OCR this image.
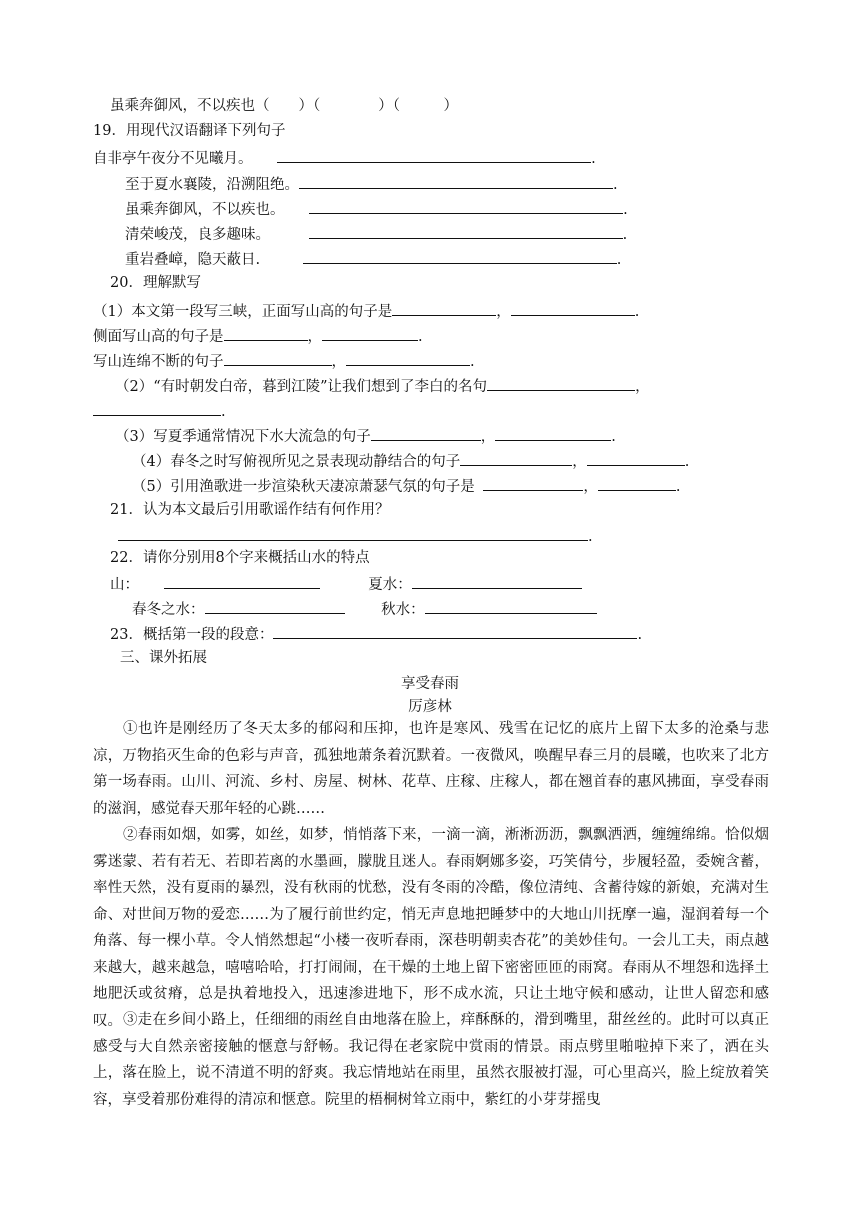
虽乘奔御风，不以疾也（　　）（　　　　）（　　　）
19．用现代汉语翻译下列句子
自非亭午夜分不见曦月。	.
至于夏水襄陵，沿溯阻绝。	.
虽乘奔御风，不以疾也。	.
清荣峻茂，良多趣味。	.
重岩叠嶂，隐天蔽日.	.
20．理解默写
（1）本文第一段写三峡，正面写山高的句子是	，	.
侧面写山高的句子是	，	.
写山连绵不断的句子	，	.
（2）“有时朝发白帝，暮到江陵”让我们想到了李白的名句	，
.
（3）写夏季通常情况下水大流急的句子	，	.
（4）春冬之时写俯视所见之景表现动静结合的句子	，	.
（5）引用渔歌进一步渲染秋天凄凉萧瑟气氛的句子是	，	.
21．认为本文最后引用歌谣作结有何作用？
.
22．请你分别用8个字来概括山水的特点
山：	夏水：
春冬之水：	秋水：
23．概括第一段的段意：	.
三、课外拓展
享受春雨
厉彦林
①也许是刚经历了冬天太多的郁闷和压抑，也许是寒风、残雪在记忆的底片上留下太多的沧桑与悲凉，万物掐灭生命的色彩与声音，孤独地萧条着沉默着。一夜微风，唤醒早春三月的晨曦，也吹来了北方第一场春雨。山川、河流、乡村、房屋、树林、花草、庄稼、庄稼人，都在翘首春的惠风拂面，享受春雨的滋润，感觉春天那年轻的心跳……
②春雨如烟，如雾，如丝，如梦，悄悄落下来，一滴一滴，淅淅沥沥，飘飘洒洒，缠缠绵绵。恰似烟雾迷蒙、若有若无、若即若离的水墨画，朦胧且迷人。春雨婀娜多姿，巧笑倩兮，步履轻盈，委婉含蓄，率性天然，没有夏雨的暴烈，没有秋雨的忧愁，没有冬雨的冷酷，像位清纯、含蓄待嫁的新娘，充满对生命、对世间万物的爱恋……为了履行前世约定，悄无声息地把睡梦中的大地山川抚摩一遍，湿润着每一个角落、每一棵小草。令人悄然想起“小楼一夜听春雨，深巷明朝卖杏花”的美妙佳句。一会儿工夫，雨点越来越大，越来越急，嘻嘻哈哈，打打闹闹，在干燥的土地上留下密密匝匝的雨窝。春雨从不埋怨和选择土地肥沃或贫瘠，总是执着地投入，迅速渗进地下，形不成水流，只让土地守候和感动，让世人留恋和感叹。 ③走在乡间小路上，任细细的雨丝自由地落在脸上，痒酥酥的，滑到嘴里，甜丝丝的。此时可以真正感受与大自然亲密接触的惬意与舒畅。我记得在老家院中赏雨的情景。雨点劈里啪啦掉下来了，洒在头上，落在脸上，说不清道不明的舒爽。我忘情地站在雨里，虽然衣服被打湿，可心里高兴，脸上绽放着笑容，享受着那份难得的清凉和惬意。院里的梧桐树耸立雨中，紫红的小芽芽摇曳
